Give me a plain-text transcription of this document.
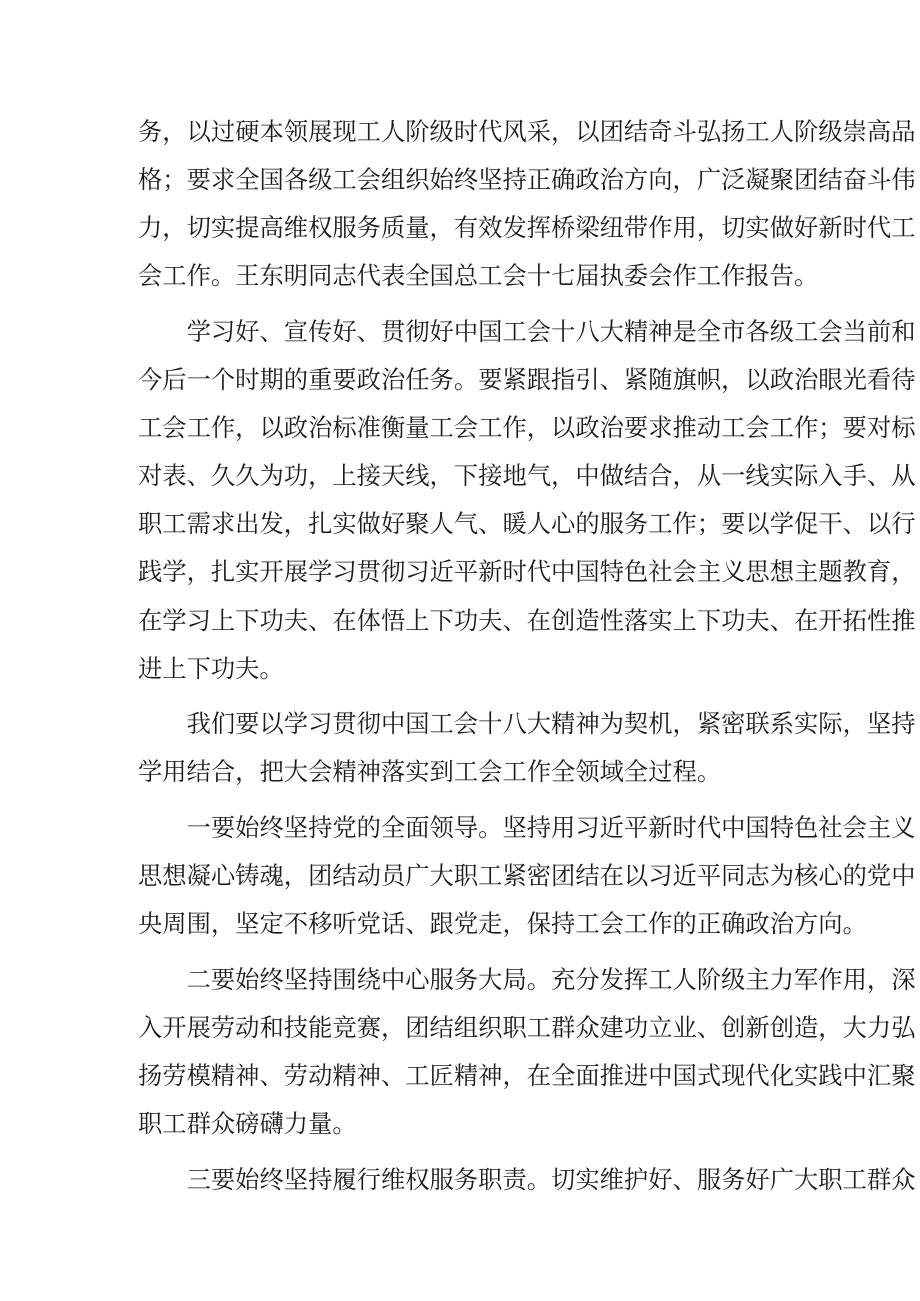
务，以过硬本领展现工人阶级时代风采，以团结奇斗弘扬工人阶级崇高品
格；要求全国各级工会组织始终坚持正确政治方向，广泛凝聚团结奋斗伟
力，切实提高维权服务质量，有效发挥桥梁纽带作用，切实做好新时代工
会工作。王东明同志代表全国总工会十七届执委会作工作报告。
学习好、宣传好、贯彻好中国工会十八大精神是全市各级工会当前和
今后一个时期的重要政治任务。要紧跟指引、紧随旗帜，以政治眼光看待
工会工作，以政治标准衡量工会工作，以政治要求推动工会工作；要对标
对表、久久为功，上接天线，下接地气，中做结合，从一线实际入手、从
职工需求出发，扎实做好聚人气、暖人心的服务工作；要以学促干、以行
践学，扎实开展学习贯彻习近平新时代中国特色社会主义思想主题教育，
在学习上下功夫、在体悟上下功夫、在创造性落实上下功夫、在开拓性推
进上下功夫。
我们要以学习贯彻中国工会十八大精神为契机，紧密联系实际，坚持
学用结合，把大会精神落实到工会工作全领域全过程。
一要始终坚持党的全面领导。坚持用习近平新时代中国特色社会主义
思想凝心铸魂，团结动员广大职工紧密团结在以习近平同志为核心的党中
央周围，坚定不移听党话、跟党走，保持工会工作的正确政治方向。
二要始终坚持围绕中心服务大局。充分发挥工人阶级主力军作用，深
入开展劳动和技能竞赛，团结组织职工群众建功立业、创新创造，大力弘
扬劳模精神、劳动精神、工匠精神，在全面推进中国式现代化实践中汇聚
职工群众磅礴力量。
三要始终坚持履行维权服务职责。切实维护好、服务好广大职工群众
